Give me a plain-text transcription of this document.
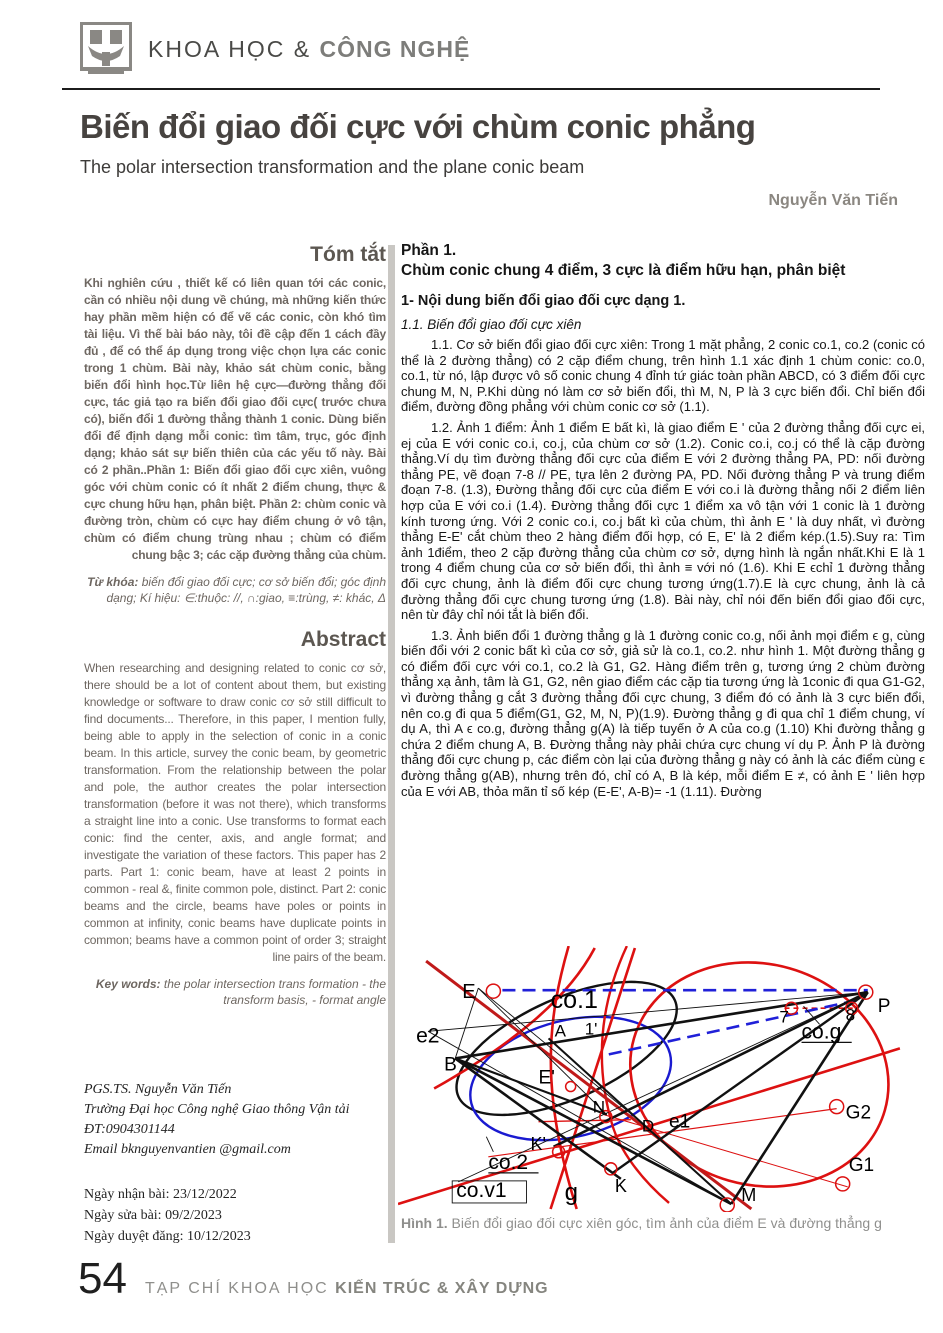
KHOA HỌC & CÔNG NGHỆ
Biến đổi giao đối cực với chùm conic phẳng
The polar intersection transformation and the plane conic beam
Nguyễn Văn Tiến
Tóm tắt
Khi nghiên cứu , thiết kế có liên quan tới các conic, cần có nhiều nội dung về chúng, mà những kiến thức hay phần mềm hiện có để vẽ các conic, còn khó tìm tài liệu. Vì thế bài báo này, tôi đề cập đến 1 cách đầy đủ , để có thể áp dụng trong việc chọn lựa các conic trong 1 chùm. Bài này, khảo sát chùm conic, bằng biến đổi hình học.Từ liên hệ cực—đường thẳng đối cực, tác giả tạo ra biến đổi giao đối cực( trước chưa có), biến đổi 1 đường thẳng thành 1 conic. Dùng biến đổi để định dạng mỗi conic: tìm tâm, trục, góc định dạng; khảo sát sự biến thiên của các yếu tố này. Bài có 2 phần..Phần 1: Biến đổi giao đối cực xiên, vuông góc với chùm conic có ít nhất 2 điểm chung, thực & cực chung hữu hạn, phân biệt. Phần 2: chùm conic và đường tròn, chùm có cực hay điểm chung ở vô tận, chùm có điểm chung trùng nhau ; chùm có điểm chung bậc 3; các cặp đường thẳng của chùm.
Từ khóa: biến đổi giao đối cực; cơ sở biến đổi; góc định dạng; Kí hiệu: ∈:thuộc: //, ∩:giao, ≡:trùng, ≠: khác, Δ
Abstract
When researching and designing related to conic cơ sở, there should be a lot of content about them, but existing knowledge or software to draw conic cơ sở still difficult to find documents... Therefore, in this paper, I mention fully, being able to apply in the selection of conic in a conic beam. In this article, survey the conic beam, by geometric transformation. From the relationship between the polar and pole, the author creates the polar intersection transformation (before it was not there), which transforms a straight line into a conic. Use transforms to format each conic: find the center, axis, and angle format; and investigate the variation of these factors. This paper has 2 parts. Part 1: conic beam, have at least 2 points in common - real &, finite common pole, distinct. Part 2: conic beams and the circle, beams have poles or points in common at infinity, conic beams have duplicate points in common; beams have a common point of order 3; straight line pairs of the beam.
Key words: the polar intersection trans formation - the transform basis, - format angle
PGS.TS. Nguyễn Văn Tiến
Trường Đại học Công nghệ Giao thông Vận tải
ĐT:0904301144
Email bknguyenvantien @gmail.com
Ngày nhận bài: 23/12/2022
Ngày sửa bài: 09/2/2023
Ngày duyệt đăng: 10/12/2023

Phần 1.

Chùm conic chung 4 điểm, 3 cực là điểm hữu hạn, phân biệt

1- Nội dung biến đổi giao đối cực dạng 1.

1.1. Biến đổi giao đối cực xiên

1.1. Cơ sở biến đổi giao đối cực xiên: Trong 1 mặt phẳng, 2 conic co.1, co.2 (conic có thể là 2 đường thẳng) có 2 cặp điểm chung, trên hình 1.1 xác định 1 chùm conic: co.0, co.1, từ nó, lập được vô số conic chung 4 đỉnh tứ giác toàn phần ABCD, có 3 điểm đối cực chung M, N, P.Khi dùng nó làm cơ sở biến đổi, thì M, N, P là 3 cực biến đổi. Chỉ biến đổi điểm, đường đồng phẳng với chùm conic cơ sở (1.1).

1.2. Ảnh 1 điểm: Ảnh 1 điểm E bất kì, là giao điểm E ' của 2 đường thẳng đối cực ei, ej của E với conic co.i, co.j, của chùm cơ sở (1.2). Conic co.i, co.j có thể là cặp đường thẳng.Ví dụ tìm đường thẳng đối cực của điểm E với 2 đường thẳng PA, PD: nối đường thẳng PE, vẽ đoạn 7-8 // PE, tựa lên 2 đường PA, PD. Nối đường thẳng P và trung điểm đoạn 7-8. (1.3), Đường thẳng đối cực của điểm E với co.i là đường thẳng nối 2 điểm liên hợp của E với co.i (1.4). Đường thẳng đối cực 1 điểm xa vô tận với 1 conic là 1 đường kính tương ứng. Với 2 conic co.i, co.j bất kì của chùm, thì ảnh E ' là duy nhất, vì đường thẳng E-E' cắt chùm theo 2 hàng điểm đối hợp, có E, E' là 2 điểm kép.(1.5).Suy ra: Tìm ảnh 1điểm, theo 2 cặp đường thẳng của chùm cơ sở, dựng hình là ngắn nhất.Khi E là 1 trong 4 điểm chung của cơ sở biến đổi, thì ảnh ≡ với nó (1.6). Khi E ϵchỉ 1 đường thẳng đối cực chung, ảnh là điểm đối cực chung tương ứng(1.7).E là cực chung, ảnh là cả đường thẳng đối cực chung tương ứng (1.8). Bài này, chỉ nói đến biến đổi giao đối cực, nên từ đây chỉ nói tắt là biến đổi.

1.3. Ảnh biến đổi 1 đường thẳng g là 1 đường conic co.g, nối ảnh mọi điểm ϵ g, cùng biến đổi với 2 conic bất kì của cơ sở, giả sử là co.1, co.2. như hình 1. Một đường thẳng g có điểm đối cực với co.1, co.2 là G1, G2. Hàng điểm trên g, tương ứng 2 chùm đường thẳng xạ ảnh, tâm là G1, G2, nên giao điểm các cặp tia tương ứng là 1conic đi qua G1-G2, vì đường thẳng g cắt 3 đường thẳng đối cực chung, 3 điểm đó có ảnh là 3 cực biến đổi, nên co.g đi qua 5 điểm(G1, G2, M, N, P)(1.9). Đường thẳng g đi qua chỉ 1 điểm chung, ví dụ A, thì A ϵ co.g, đường thẳng g(A) là tiếp tuyến ở A của co.g (1.10) Khi đường thẳng g chứa 2 điểm chung A, B. Đường thẳng này phải chứa cực chung ví dụ P. Ảnh P là đường thẳng đối cực chung p, các điểm còn lại của đường thẳng g này có ảnh là các điểm cùng ϵ đường thẳng g(AB), nhưng trên đó, chỉ có A, B là kép, mỗi điểm E ≠, có ảnh E ' liên hợp của E với AB, thỏa mãn tỉ số kép (E-E', A-B)= -1 (1.11). Đường

E	co.1
7	8 P
e2	A 1'
B
E'
N
D e1
co.g
G2
G1
K'
co.2
co.v1 g K	M
Hình 1. Biến đổi giao đối cực xiên góc, tìm ảnh của điểm E và đường thẳng g
54 TẠP CHÍ KHOA HỌC KIẾN TRÚC & XÂY DỰNG
